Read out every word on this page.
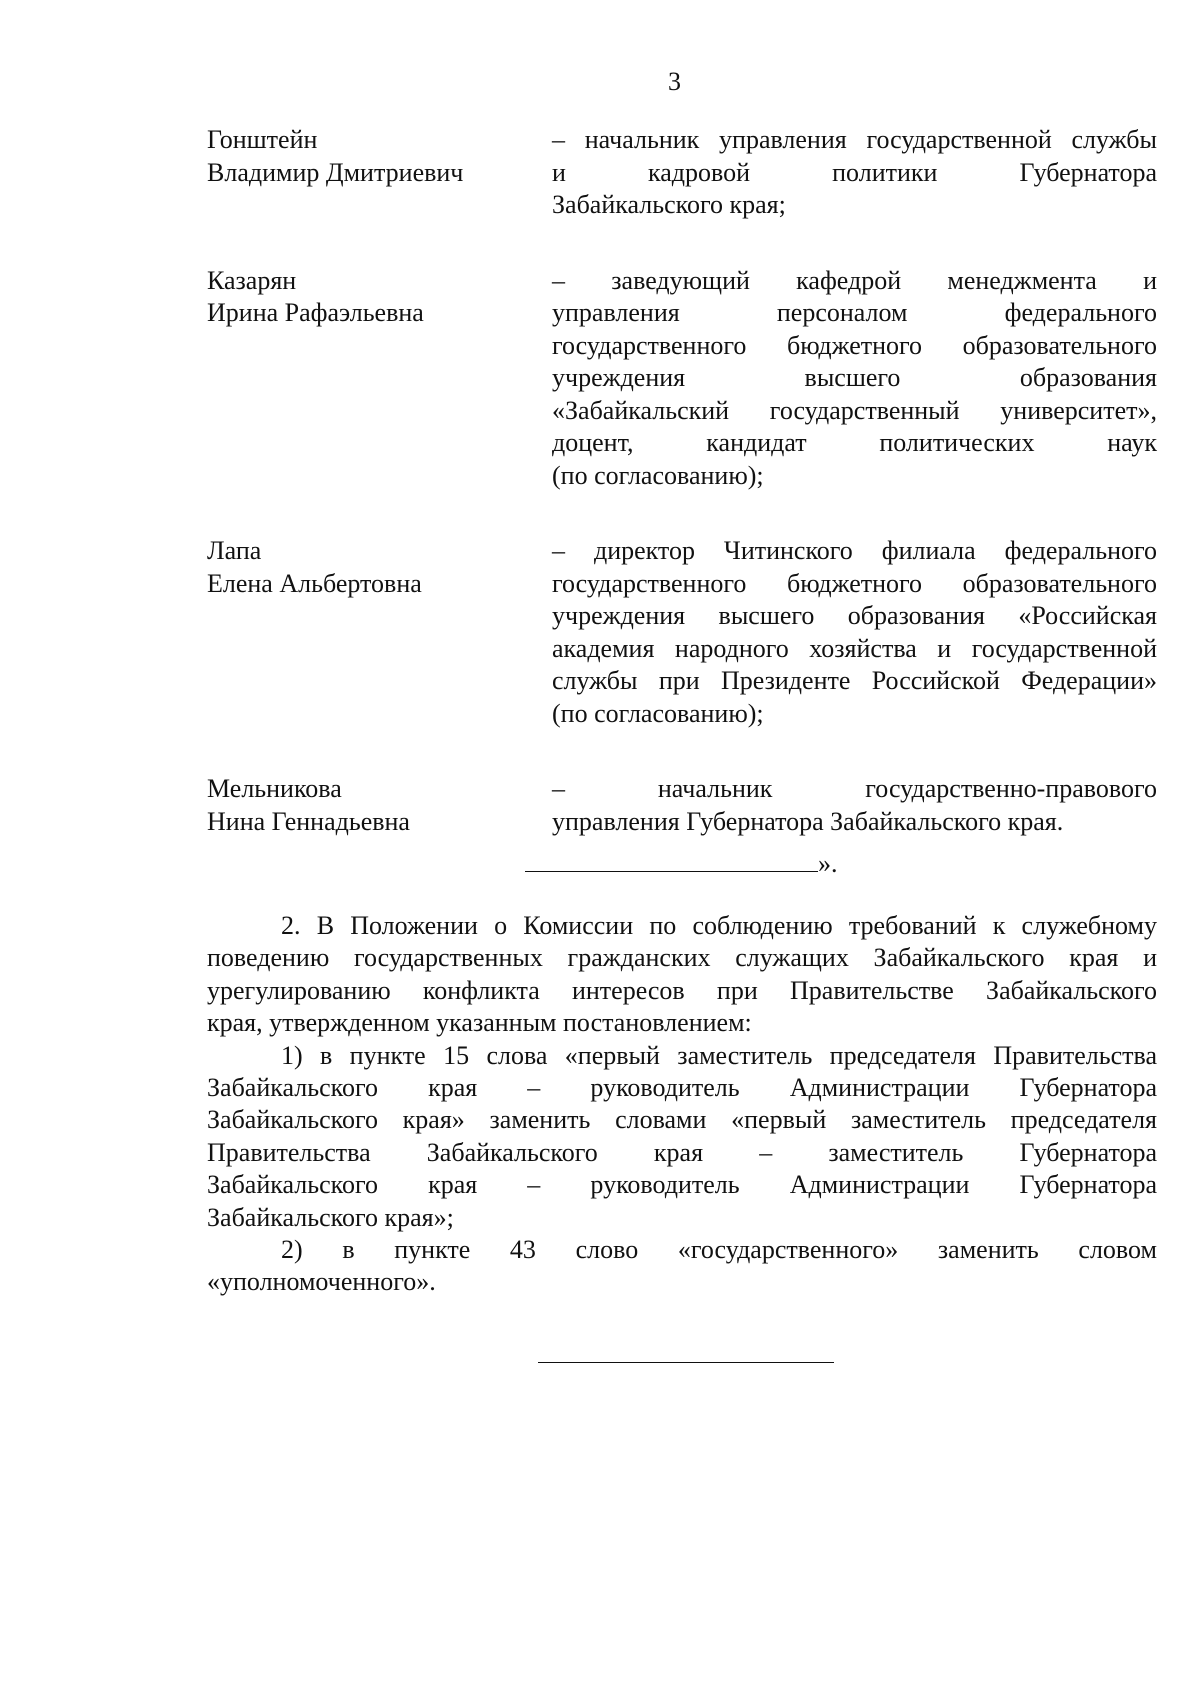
3
Гонштейн
Владимир Дмитриевич
– начальник управления государственной службы
и кадровой политики Губернатора
Забайкальского края;
Казарян
Ирина Рафаэльевна
– заведующий кафедрой менеджмента и
управления персоналом федерального
государственного бюджетного образовательного
учреждения высшего образования
«Забайкальский государственный университет»,
доцент, кандидат политических наук
(по согласованию);
Лапа
Елена Альбертовна
– директор Читинского филиала федерального
государственного бюджетного образовательного
учреждения высшего образования «Российская
академия народного хозяйства и государственной
службы при Президенте Российской Федерации»
(по согласованию);
Мельникова
Нина Геннадьевна
– начальник государственно-правового
управления Губернатора Забайкальского края.
».
2. В Положении о Комиссии по соблюдению требований к служебному
поведению государственных гражданских служащих Забайкальского края и
урегулированию конфликта интересов при Правительстве Забайкальского
края, утвержденном указанным постановлением:
1) в пункте 15 слова «первый заместитель председателя Правительства
Забайкальского края – руководитель Администрации Губернатора
Забайкальского края» заменить словами «первый заместитель председателя
Правительства Забайкальского края – заместитель Губернатора
Забайкальского края – руководитель Администрации Губернатора
Забайкальского края»;
2) в пункте 43 слово «государственного» заменить словом
«уполномоченного».
